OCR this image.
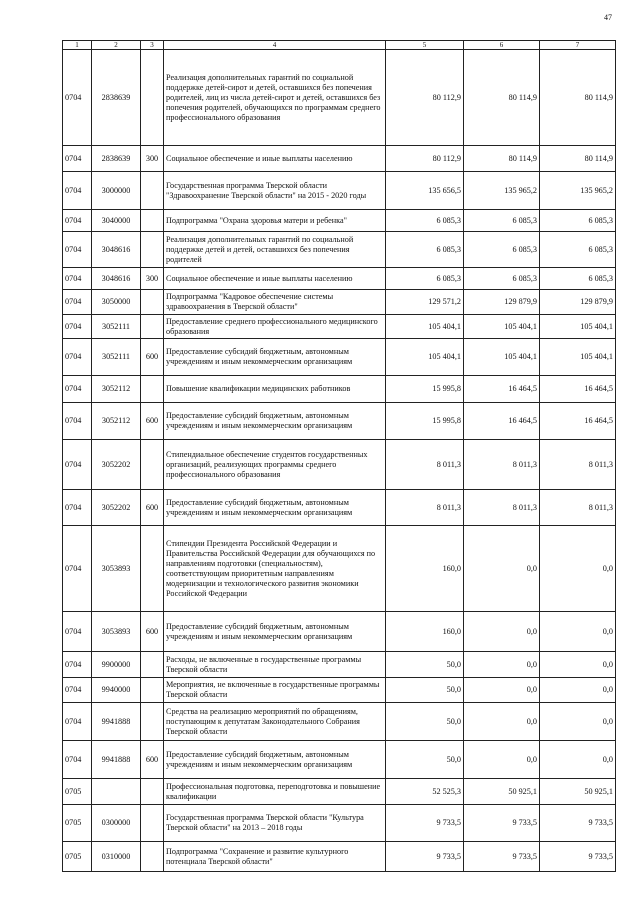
47
1	2	3	4	5	6	7
0704	2838639		Реализация дополнительных гарантий по социальной поддержке детей-сирот и детей, оставшихся без попечения родителей, лиц из числа детей-сирот и детей, оставшихся без попечения родителей, обучающихся по программам среднего профессионального образования	80 112,9	80 114,9	80 114,9
0704	2838639	300	Социальное обеспечение и иные выплаты населению	80 112,9	80 114,9	80 114,9
0704	3000000		Государственная программа Тверской области "Здравоохранение Тверской области" на 2015 - 2020 годы	135 656,5	135 965,2	135 965,2
0704	3040000		Подпрограмма "Охрана здоровья матери и ребенка"	6 085,3	6 085,3	6 085,3
0704	3048616		Реализация дополнительных гарантий по социальной поддержке детей и детей, оставшихся без попечения родителей	6 085,3	6 085,3	6 085,3
0704	3048616	300	Социальное обеспечение и иные выплаты населению	6 085,3	6 085,3	6 085,3
0704	3050000		Подпрограмма "Кадровое обеспечение системы здравоохранения в Тверской области"	129 571,2	129 879,9	129 879,9
0704	3052111		Предоставление среднего профессионального медицинского образования	105 404,1	105 404,1	105 404,1
0704	3052111	600	Предоставление субсидий бюджетным, автономным учреждениям и иным некоммерческим организациям	105 404,1	105 404,1	105 404,1
0704	3052112		Повышение квалификации медицинских работников	15 995,8	16 464,5	16 464,5
0704	3052112	600	Предоставление субсидий бюджетным, автономным учреждениям и иным некоммерческим организациям	15 995,8	16 464,5	16 464,5
0704	3052202		Стипендиальное обеспечение студентов государственных организаций, реализующих программы среднего профессионального образования	8 011,3	8 011,3	8 011,3
0704	3052202	600	Предоставление субсидий бюджетным, автономным учреждениям и иным некоммерческим организациям	8 011,3	8 011,3	8 011,3
0704	3053893		Стипендии Президента Российской Федерации и Правительства Российской Федерации для обучающихся по направлениям подготовки (специальностям), соответствующим приоритетным направлениям модернизации и технологического развития экономики Российской Федерации	160,0	0,0	0,0
0704	3053893	600	Предоставление субсидий бюджетным, автономным учреждениям и иным некоммерческим организациям	160,0	0,0	0,0
0704	9900000		Расходы, не включенные в государственные программы Тверской области	50,0	0,0	0,0
0704	9940000		Мероприятия, не включенные в государственные программы Тверской области	50,0	0,0	0,0
0704	9941888		Средства на реализацию мероприятий по обращениям, поступающим к депутатам Законодательного Собрания Тверской области	50,0	0,0	0,0
0704	9941888	600	Предоставление субсидий бюджетным, автономным учреждениям и иным некоммерческим организациям	50,0	0,0	0,0
0705			Профессиональная подготовка, переподготовка и повышение квалификации	52 525,3	50 925,1	50 925,1
0705	0300000		Государственная программа Тверской области "Культура Тверской области" на 2013 – 2018 годы	9 733,5	9 733,5	9 733,5
0705	0310000		Подпрограмма "Сохранение и развитие культурного потенциала Тверской области"	9 733,5	9 733,5	9 733,5
